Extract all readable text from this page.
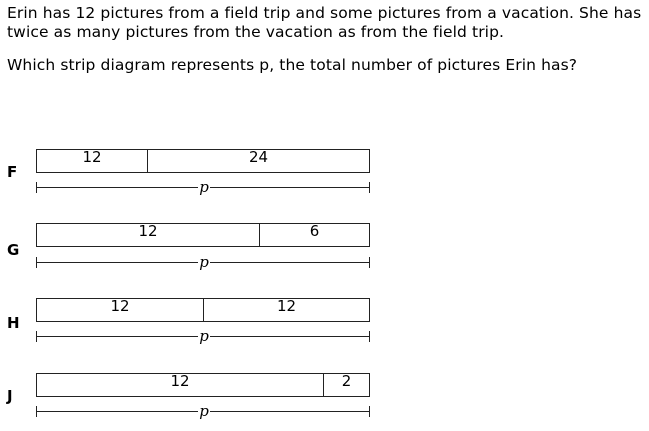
Erin has 12 pictures from a field trip and some pictures from a vacation. She has twice as many pictures from the vacation as from the field trip.

Which strip diagram represents p, the total number of pictures Erin has?

F
12	24
p
G
12	6
p
H
12	12
p
J
12	2
p
